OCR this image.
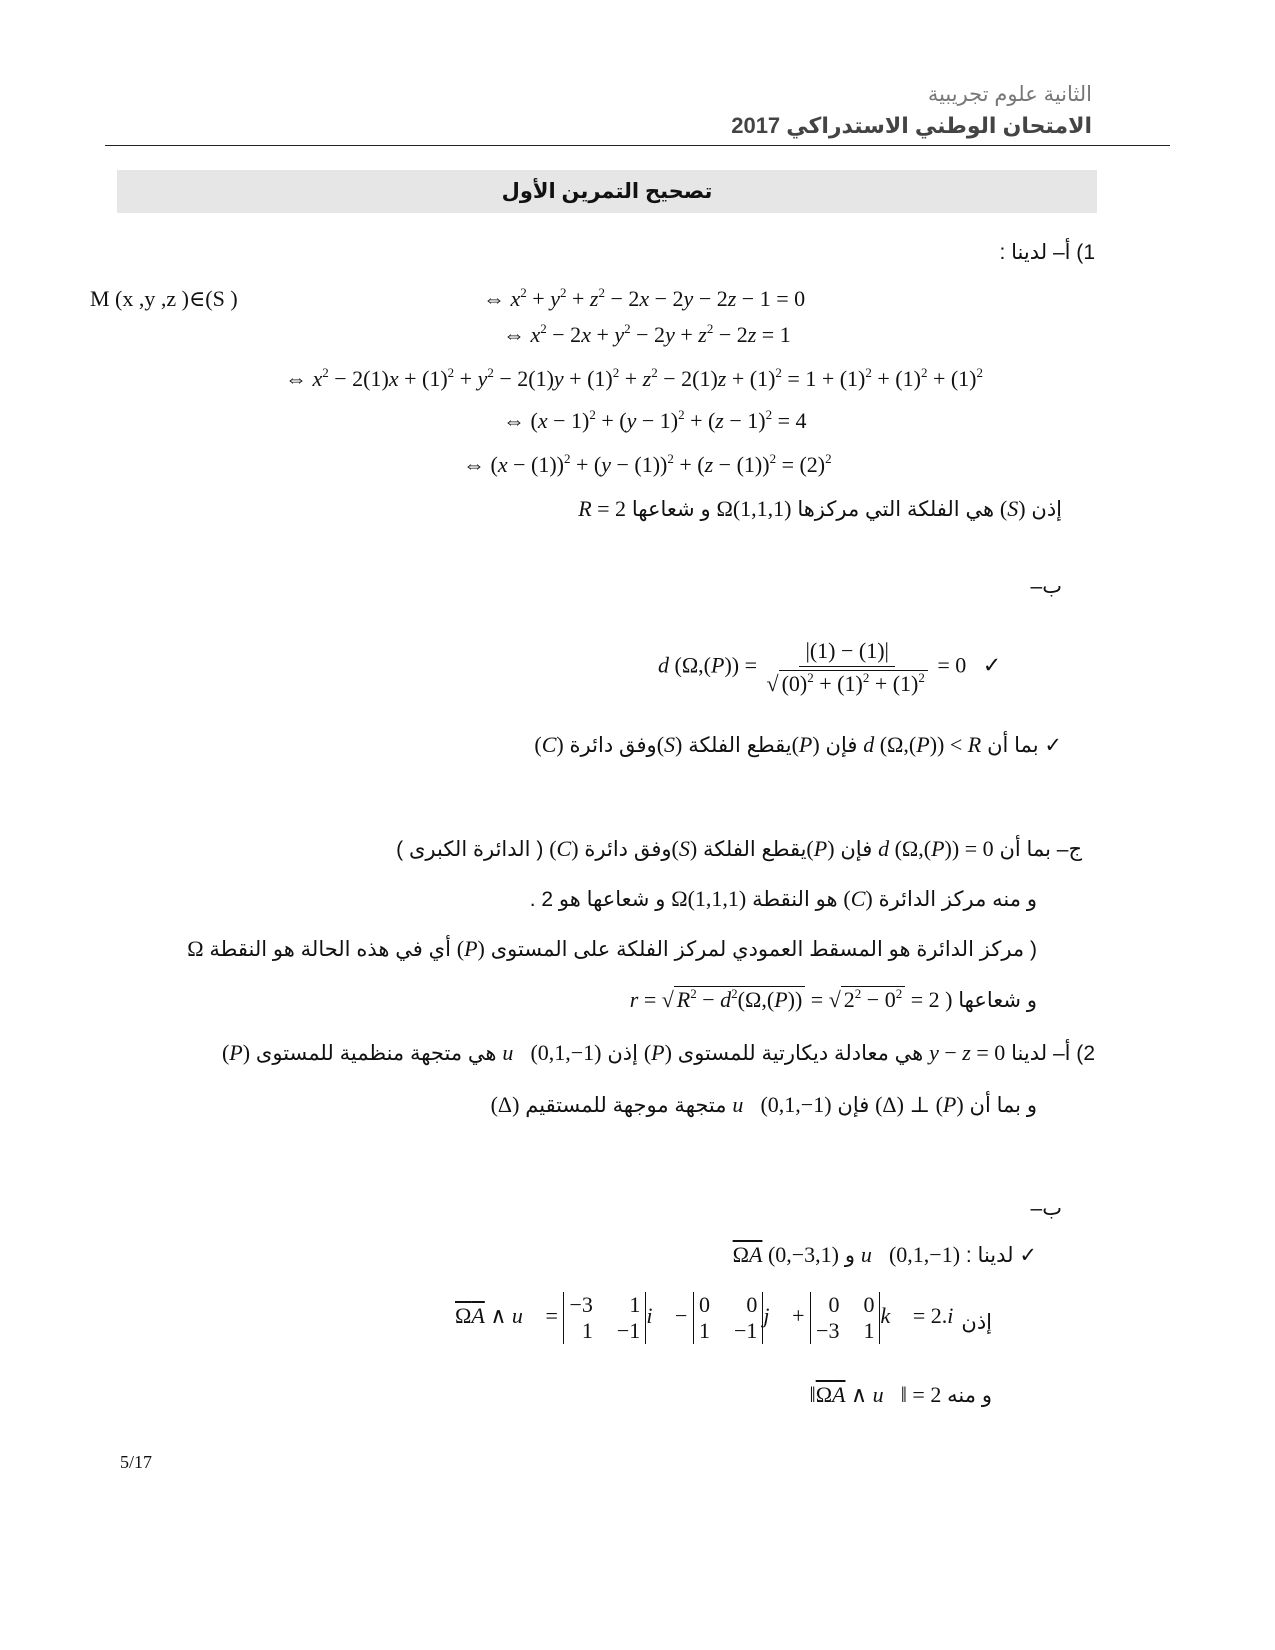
الثانية علوم تجريبية
الامتحان الوطني الاستدراكي 2017
تصحيح التمرين الأول
1) أ– لدينا :
M (x ,y ,z )∈(S )	⇔ $x^2 + y^2 + z^2 - 2x - 2y - 2z - 1 = 0$
⇔ $x^2 - 2x + y^2 - 2y + z^2 - 2z = 1$
⇔ $x^2 - 2(1)x + (1)^2 + y^2 - 2(1)y + (1)^2 + z^2 - 2(1)z + (1)^2 = 1 + (1)^2 + (1)^2 + (1)^2$
⇔ $(x - 1)^2 + (y - 1)^2 + (z - 1)^2 = 4$
⇔ $(x - (1))^2 + (y - (1))^2 + (z - (1))^2 = (2)^2$
إذن (S) هي الفلكة التي مركزها Ω(1,1,1) و شعاعها R = 2
ب–
d $(\Omega,(P)) = \frac{|(1) - (1)|}{√ (0)^2 + (1)^2 + (1)^2} = 0$   ✓
✓ بما أن d (Ω,(P)) < R فإن (P)يقطع الفلكة (S)وفق دائرة (C)
ج– بما أن d (Ω,(P)) = 0 فإن (P)يقطع الفلكة (S)وفق دائرة (C) ( الدائرة الكبرى )
و منه مركز الدائرة (C) هو النقطة Ω(1,1,1) و شعاعها هو 2 .
( مركز الدائرة هو المسقط العمودي لمركز الفلكة على المستوى (P) أي في هذه الحالة هو النقطة Ω
و شعاعها r = √ $R^2 - d^2(\Omega,(P))$ = √ $2^2 - 0^2 = 2$ )
2) أ– لدينا y − z = 0 هي معادلة ديكارتية للمستوى (P) إذن u⃗(0,1,−1) هي متجهة منظمية للمستوى (P)
و بما أن (Δ) ⊥ (P) فإن u⃗(0,1,−1) متجهة موجهة للمستقيم (Δ)
ب–
✓ لدينا : u⃗(0,1,−1) و ΩA (0,−3,1)
ΩA ∧ u⃗ = −3	1
1 −1
i⃗ − 0	0
1 −1
j⃗ + 0 0
−3 1
k⃗ = 2.i⃗
إذن
و منه ‖ΩA ∧ u⃗‖ = 2
5/17
